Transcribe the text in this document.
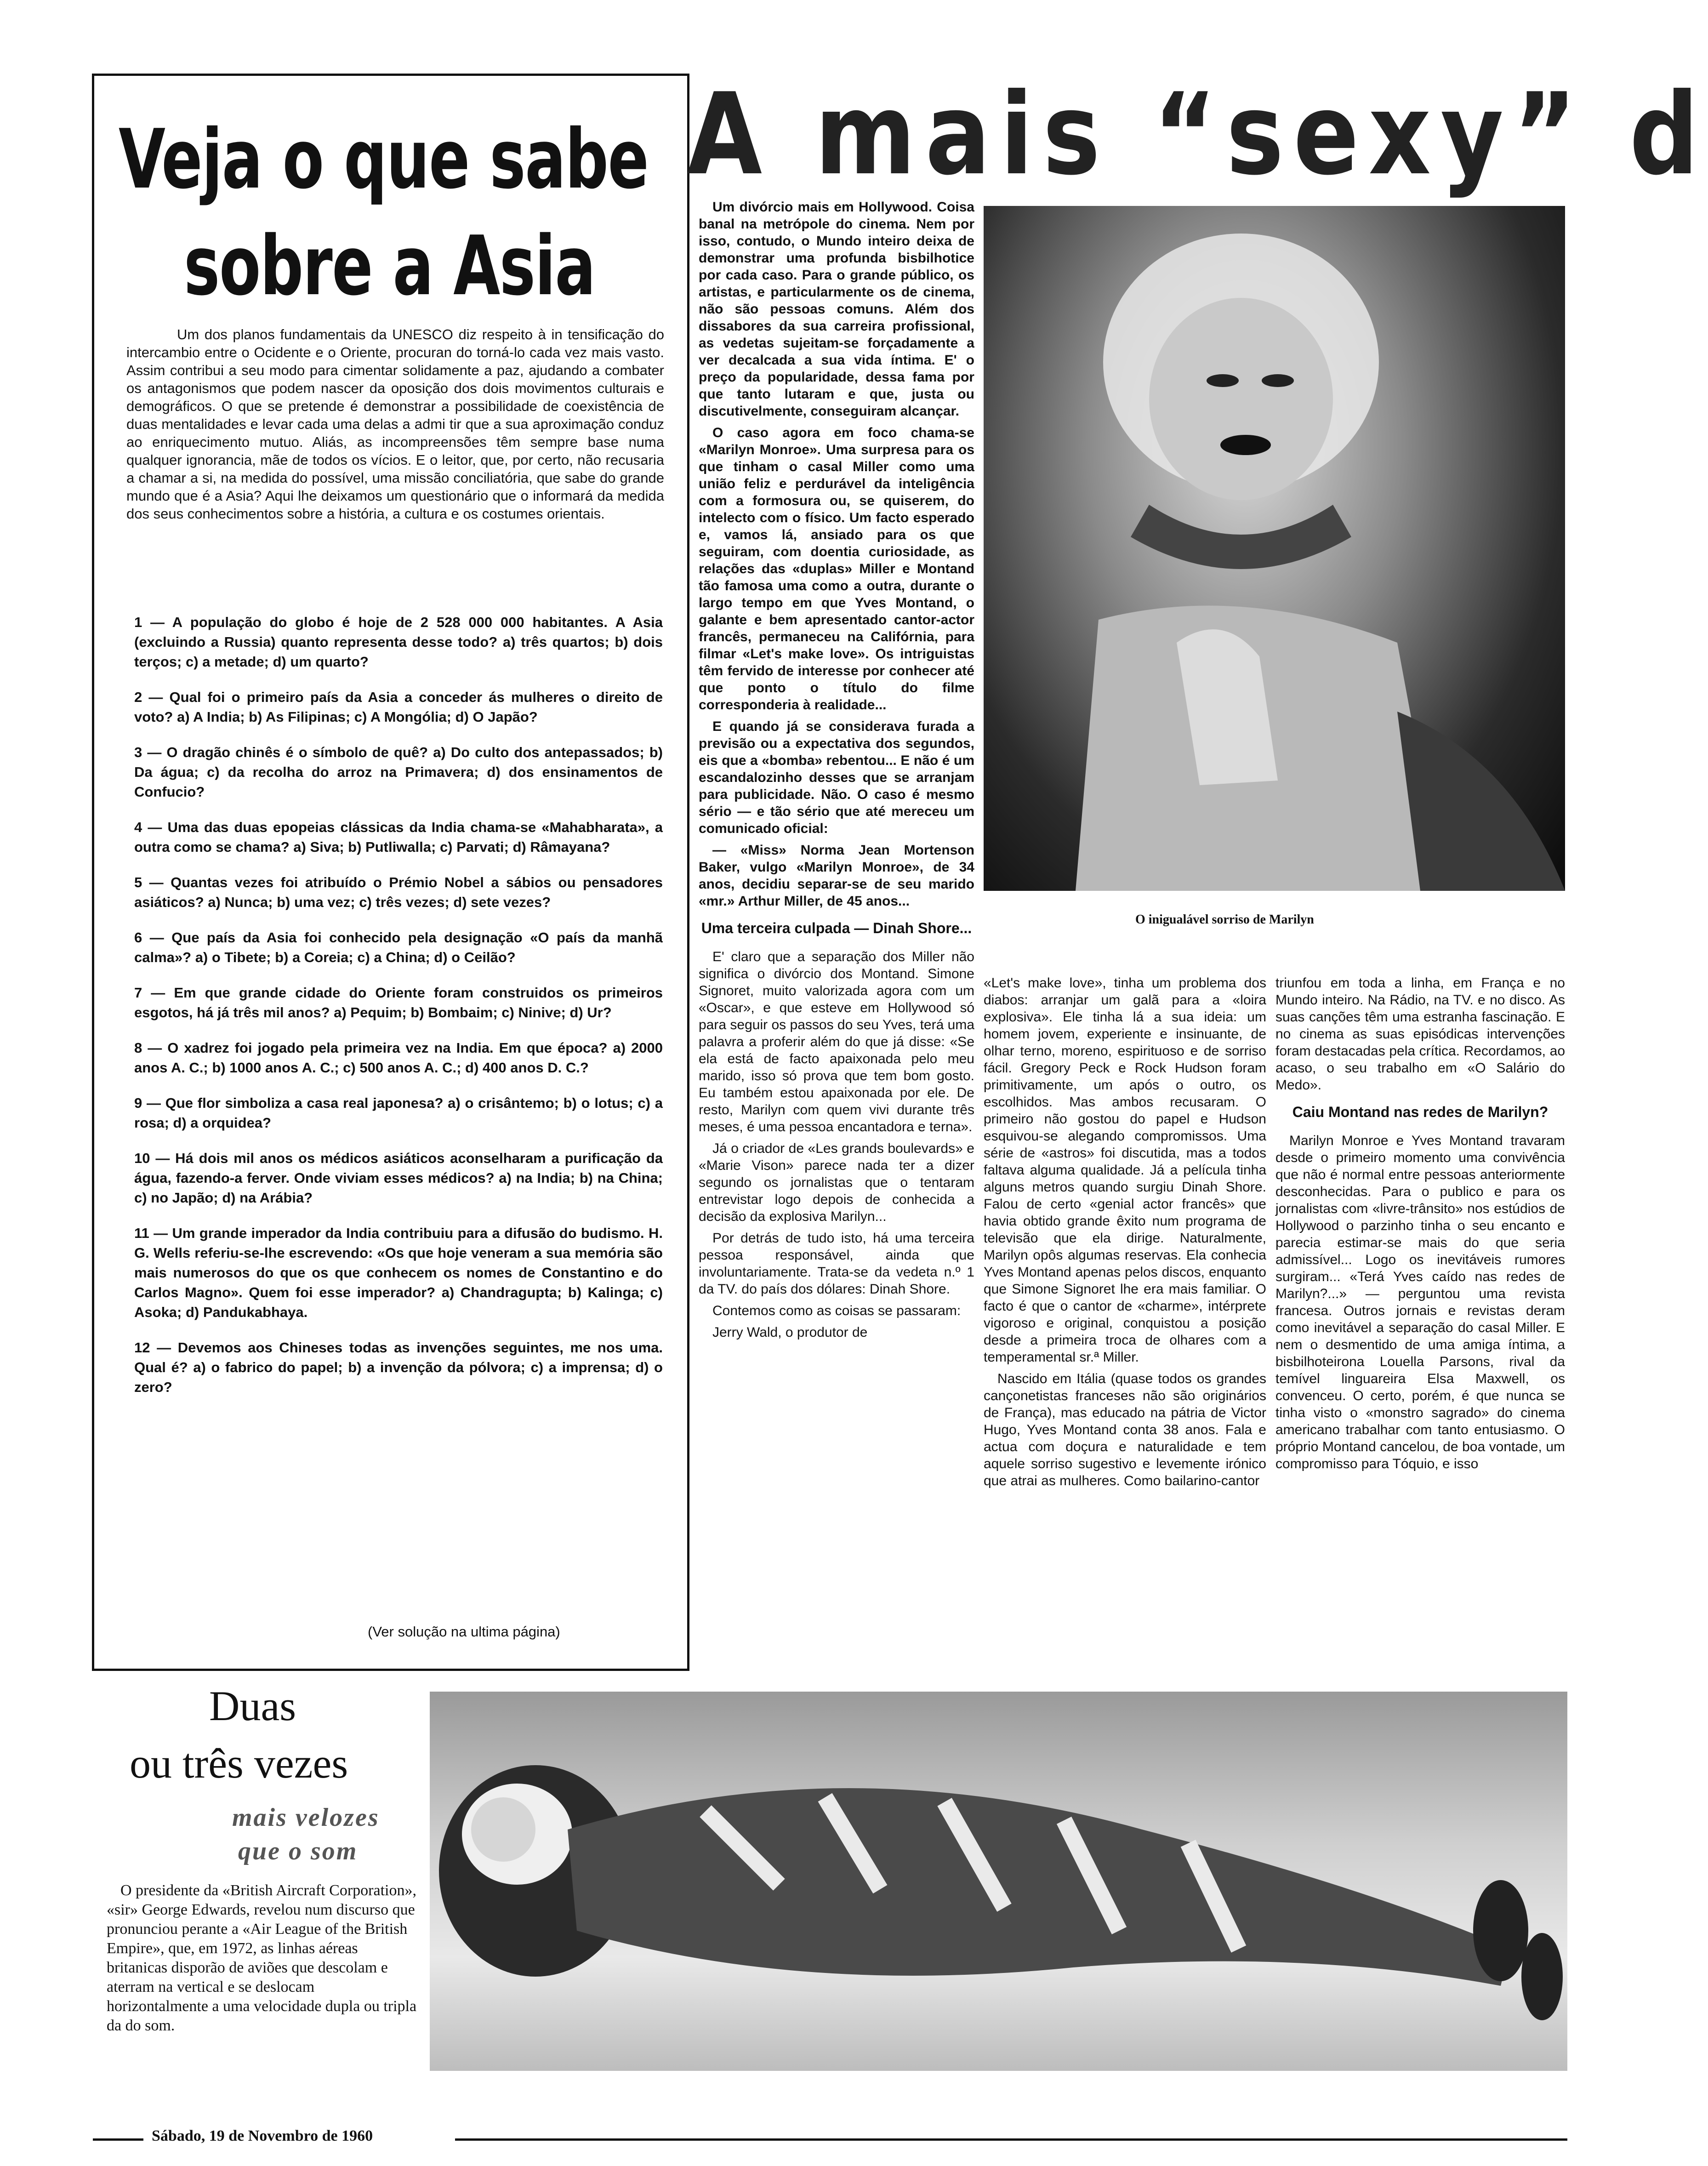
Veja o que sabe
sobre a Asia
Um dos planos fundamentais da UNESCO diz respeito à in tensificação do intercambio entre o Ocidente e o Oriente, procuran do torná-lo cada vez mais vasto. Assim contribui a seu modo para cimentar solidamente a paz, ajudando a combater os antagonismos que podem nascer da oposição dos dois movimentos culturais e demográficos. O que se pretende é demonstrar a possibilidade de coexistência de duas mentalidades e levar cada uma delas a admi tir que a sua aproximação conduz ao enriquecimento mutuo. Aliás, as incompreensões têm sempre base numa qualquer ignorancia, mãe de todos os vícios. E o leitor, que, por certo, não recusaria a chamar a si, na medida do possível, uma missão conciliatória, que sabe do grande mundo que é a Asia? Aqui lhe deixamos um questionário que o informará da medida dos seus conhecimentos sobre a história, a cultura e os costumes orientais.

1 — A população do globo é hoje de 2 528 000 000 habitantes. A Asia (excluindo a Russia) quanto representa desse todo? a) três quartos; b) dois terços; c) a metade; d) um quarto?

2 — Qual foi o primeiro país da Asia a conceder ás mulheres o direito de voto? a) A India; b) As Filipinas; c) A Mongólia; d) O Japão?

3 — O dragão chinês é o símbolo de quê? a) Do culto dos antepassados; b) Da água; c) da recolha do arroz na Primavera; d) dos ensinamentos de Confucio?

4 — Uma das duas epopeias clássicas da India chama-se «Mahabharata», a outra como se chama? a) Siva; b) Putliwalla; c) Parvati; d) Râmayana?

5 — Quantas vezes foi atribuído o Prémio Nobel a sábios ou pensadores asiáticos? a) Nunca; b) uma vez; c) três vezes; d) sete vezes?

6 — Que país da Asia foi conhecido pela designação «O país da manhã calma»? a) o Tibete; b) a Coreia; c) a China; d) o Ceilão?

7 — Em que grande cidade do Oriente foram construidos os primeiros esgotos, há já três mil anos? a) Pequim; b) Bombaim; c) Ninive; d) Ur?

8 — O xadrez foi jogado pela primeira vez na India. Em que época? a) 2000 anos A. C.; b) 1000 anos A. C.; c) 500 anos A. C.; d) 400 anos D. C.?

9 — Que flor simboliza a casa real japonesa? a) o crisântemo; b) o lotus; c) a rosa; d) a orquidea?

10 — Há dois mil anos os médicos asiáticos aconselharam a purificação da água, fazendo-a ferver. Onde viviam esses médicos? a) na India; b) na China; c) no Japão; d) na Arábia?

11 — Um grande imperador da India contribuiu para a difusão do budismo. H. G. Wells referiu-se-lhe escrevendo: «Os que hoje veneram a sua memória são mais numerosos do que os que conhecem os nomes de Constantino e do Carlos Magno». Quem foi esse imperador? a) Chandragupta; b) Kalinga; c) Asoka; d) Pandukabhaya.

12 — Devemos aos Chineses todas as invenções seguintes, me nos uma. Qual é? a) o fabrico do papel; b) a invenção da pólvora; c) a imprensa; d) o zero?

(Ver solução na ultima página)
A mais “sexy” d
O inigualável sorriso de Marilyn

Um divórcio mais em Hollywood. Coisa banal na metrópole do cinema. Nem por isso, contudo, o Mundo inteiro deixa de demonstrar uma profunda bisbilhotice por cada caso. Para o grande público, os artistas, e particularmente os de cinema, não são pessoas comuns. Além dos dissabores da sua carreira profissional, as vedetas sujeitam-se forçadamente a ver decalcada a sua vida íntima. E' o preço da popularidade, dessa fama por que tanto lutaram e que, justa ou discutivelmente, conseguiram alcançar.

O caso agora em foco chama-se «Marilyn Monroe». Uma surpresa para os que tinham o casal Miller como uma união feliz e perdurável da inteligência com a formosura ou, se quiserem, do intelecto com o físico. Um facto esperado e, vamos lá, ansiado para os que seguiram, com doentia curiosidade, as relações das «duplas» Miller e Montand tão famosa uma como a outra, durante o largo tempo em que Yves Montand, o galante e bem apresentado cantor-actor francês, permaneceu na Califórnia, para filmar «Let's make love». Os intriguistas têm fervido de interesse por conhecer até que ponto o título do filme corresponderia à realidade...

E quando já se considerava furada a previsão ou a expectativa dos segundos, eis que a «bomba» rebentou... E não é um escandalozinho desses que se arranjam para publicidade. Não. O caso é mesmo sério — e tão sério que até mereceu um comunicado oficial:

— «Miss» Norma Jean Mortenson Baker, vulgo «Marilyn Monroe», de 34 anos, decidiu separar-se de seu marido «mr.» Arthur Miller, de 45 anos...

Uma terceira culpada — Dinah Shore...

E' claro que a separação dos Miller não significa o divórcio dos Montand. Simone Signoret, muito valorizada agora com um «Oscar», e que esteve em Hollywood só para seguir os passos do seu Yves, terá uma palavra a proferir além do que já disse: «Se ela está de facto apaixonada pelo meu marido, isso só prova que tem bom gosto. Eu também estou apaixonada por ele. De resto, Marilyn com quem vivi durante três meses, é uma pessoa encantadora e terna».

Já o criador de «Les grands boulevards» e «Marie Vison» parece nada ter a dizer segundo os jornalistas que o tentaram entrevistar logo depois de conhecida a decisão da explosiva Marilyn...

Por detrás de tudo isto, há uma terceira pessoa responsável, ainda que involuntariamente. Trata-se da vedeta n.º 1 da TV. do país dos dólares: Dinah Shore.

Contemos como as coisas se passaram:

Jerry Wald, o produtor de

«Let's make love», tinha um problema dos diabos: arranjar um galã para a «loira explosiva». Ele tinha lá a sua ideia: um homem jovem, experiente e insinuante, de olhar terno, moreno, espirituoso e de sorriso fácil. Gregory Peck e Rock Hudson foram primitivamente, um após o outro, os escolhidos. Mas ambos recusaram. O primeiro não gostou do papel e Hudson esquivou-se alegando compromissos. Uma série de «astros» foi discutida, mas a todos faltava alguma qualidade. Já a película tinha alguns metros quando surgiu Dinah Shore. Falou de certo «genial actor francês» que havia obtido grande êxito num programa de televisão que ela dirige. Naturalmente, Marilyn opôs algumas reservas. Ela conhecia Yves Montand apenas pelos discos, enquanto que Simone Signoret lhe era mais familiar. O facto é que o cantor de «charme», intérprete vigoroso e original, conquistou a posição desde a primeira troca de olhares com a temperamental sr.ª Miller.

Nascido em Itália (quase todos os grandes cançonetistas franceses não são originários de França), mas educado na pátria de Victor Hugo, Yves Montand conta 38 anos. Fala e actua com doçura e naturalidade e tem aquele sorriso sugestivo e levemente irónico que atrai as mulheres. Como bailarino-cantor

triunfou em toda a linha, em França e no Mundo inteiro. Na Rádio, na TV. e no disco. As suas canções têm uma estranha fascinação. E no cinema as suas episódicas intervenções foram destacadas pela crítica. Recordamos, ao acaso, o seu trabalho em «O Salário do Medo».

Caiu Montand nas redes de Marilyn?

Marilyn Monroe e Yves Montand travaram desde o primeiro momento uma convivência que não é normal entre pessoas anteriormente desconhecidas. Para o publico e para os jornalistas com «livre-trânsito» nos estúdios de Hollywood o parzinho tinha o seu encanto e parecia estimar-se mais do que seria admissível... Logo os inevitáveis rumores surgiram... «Terá Yves caído nas redes de Marilyn?...» — perguntou uma revista francesa. Outros jornais e revistas deram como inevitável a separação do casal Miller. E nem o desmentido de uma amiga íntima, a bisbilhoteirona Louella Parsons, rival da temível linguareira Elsa Maxwell, os convenceu. O certo, porém, é que nunca se tinha visto o «monstro sagrado» do cinema americano trabalhar com tanto entusiasmo. O próprio Montand cancelou, de boa vontade, um compromisso para Tóquio, e isso

Duas
ou três vezes
mais velozes
que o som
O presidente da «British Aircraft Corporation», «sir» George Edwards, revelou num discurso que pronunciou perante a «Air League of the British Empire», que, em 1972, as linhas aéreas britanicas disporão de aviões que descolam e aterram na vertical e se deslocam horizontalmente a uma velocidade dupla ou tripla da do som.
Sábado, 19 de Novembro de 1960
